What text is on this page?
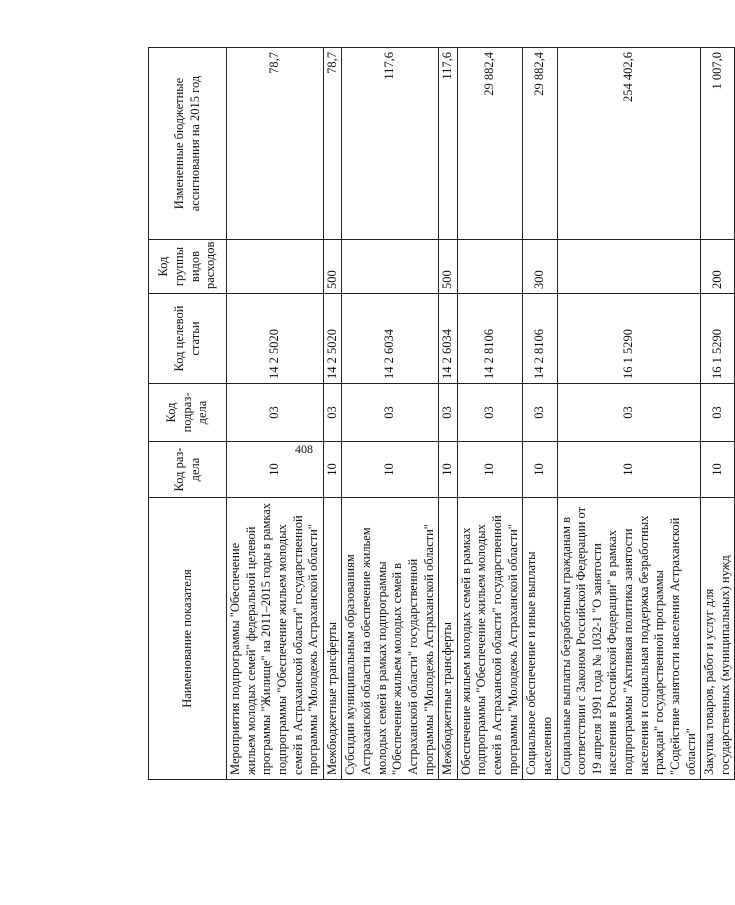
408
Наименование показателя	Код раз-дела	Код подраз-дела	Код целевой статьи	Код группы видов расходов	Измененные бюджетные ассигнования на 2015 год
Мероприятия подпрограммы "Обеспечение жильем молодых семей" федеральной целевой программы "Жилище" на 2011–2015 годы в рамках подпрограммы "Обеспечение жильем молодых семей в Астраханской области" государственной программы "Молодежь Астраханской области"	10	03	14 2 5020		78,7
Межбюджетные трансферты	10	03	14 2 5020	500	78,7
Субсидии муниципальным образованиям Астраханской области на обеспечение жильем молодых семей в рамках подпрограммы "Обеспечение жильем молодых семей в Астраханской области" государственной программы "Молодежь Астраханской области"	10	03	14 2 6034		117,6
Межбюджетные трансферты	10	03	14 2 6034	500	117,6
Обеспечение жильем молодых семей в рамках подпрограммы "Обеспечение жильем молодых семей в Астраханской области" государственной программы "Молодежь Астраханской области"	10	03	14 2 8106		29 882,4
Социальное обеспечение и иные выплаты населению	10	03	14 2 8106	300	29 882,4
Социальные выплаты безработным гражданам в соответствии с Законом Российской Федерации от 19 апреля 1991 года № 1032-1 "О занятости населения в Российской Федерации" в рамках подпрограммы "Активная политика занятости населения и социальная поддержка безработных граждан" государственной программы "Содействие занятости населения Астраханской области"	10	03	16 1 5290		254 402,6
Закупка товаров, работ и услуг для государственных (муниципальных) нужд	10	03	16 1 5290	200	1 007,0
